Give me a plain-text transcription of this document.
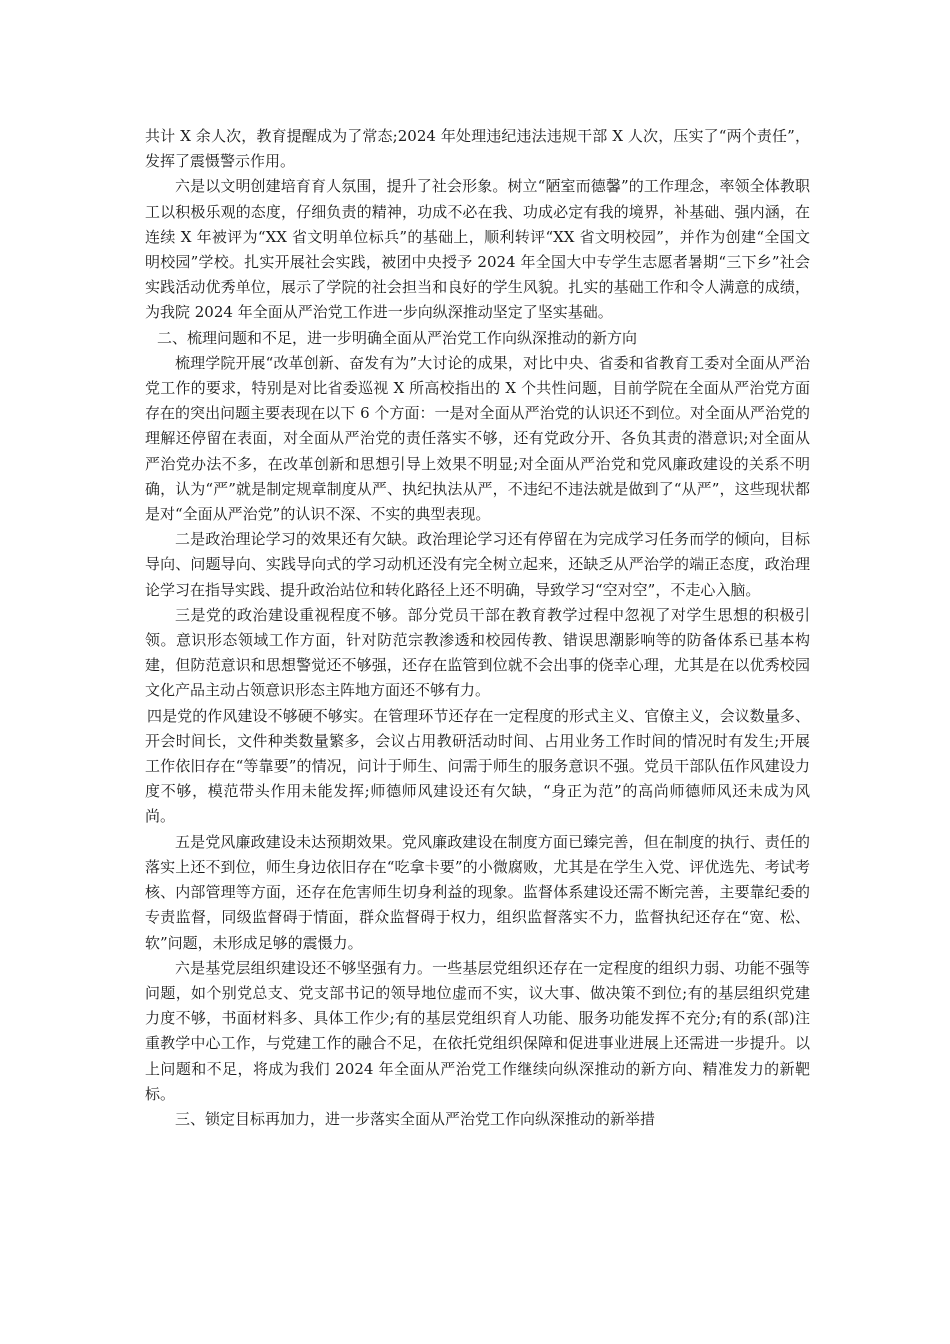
共计 X 余人次，教育提醒成为了常态;2024 年处理违纪违法违规干部 X 人次，压实了“两个责任”，发挥了震慑警示作用。

六是以文明创建培育育人氛围，提升了社会形象。树立“陋室而德馨”的工作理念，率领全体教职工以积极乐观的态度，仔细负责的精神，功成不必在我、功成必定有我的境界，补基础、强内涵，在连续 X 年被评为“XX 省文明单位标兵”的基础上，顺利转评“XX 省文明校园”，并作为创建“全国文明校园”学校。扎实开展社会实践，被团中央授予 2024 年全国大中专学生志愿者暑期“三下乡”社会实践活动优秀单位，展示了学院的社会担当和良好的学生风貌。扎实的基础工作和令人满意的成绩，为我院 2024 年全面从严治党工作进一步向纵深推动坚定了坚实基础。

二、梳理问题和不足，进一步明确全面从严治党工作向纵深推动的新方向

梳理学院开展“改革创新、奋发有为”大讨论的成果，对比中央、省委和省教育工委对全面从严治党工作的要求，特别是对比省委巡视 X 所高校指出的 X 个共性问题，目前学院在全面从严治党方面存在的突出问题主要表现在以下 6 个方面：一是对全面从严治党的认识还不到位。对全面从严治党的理解还停留在表面，对全面从严治党的责任落实不够，还有党政分开、各负其责的潜意识;对全面从严治党办法不多，在改革创新和思想引导上效果不明显;对全面从严治党和党风廉政建设的关系不明确，认为“严”就是制定规章制度从严、执纪执法从严，不违纪不违法就是做到了“从严”，这些现状都是对“全面从严治党”的认识不深、不实的典型表现。

二是政治理论学习的效果还有欠缺。政治理论学习还有停留在为完成学习任务而学的倾向，目标导向、问题导向、实践导向式的学习动机还没有完全树立起来，还缺乏从严治学的端正态度，政治理论学习在指导实践、提升政治站位和转化路径上还不明确，导致学习“空对空”，不走心入脑。

三是党的政治建设重视程度不够。部分党员干部在教育教学过程中忽视了对学生思想的积极引领。意识形态领域工作方面，针对防范宗教渗透和校园传教、错误思潮影响等的防备体系已基本构建，但防范意识和思想警觉还不够强，还存在监管到位就不会出事的侥幸心理，尤其是在以优秀校园文化产品主动占领意识形态主阵地方面还不够有力。

四是党的作风建设不够硬不够实。在管理环节还存在一定程度的形式主义、官僚主义，会议数量多、开会时间长，文件种类数量繁多，会议占用教研活动时间、占用业务工作时间的情况时有发生;开展工作依旧存在“等靠要”的情况，问计于师生、问需于师生的服务意识不强。党员干部队伍作风建设力度不够，模范带头作用未能发挥;师德师风建设还有欠缺，“身正为范”的高尚师德师风还未成为风尚。

五是党风廉政建设未达预期效果。党风廉政建设在制度方面已臻完善，但在制度的执行、责任的落实上还不到位，师生身边依旧存在“吃拿卡要”的小微腐败，尤其是在学生入党、评优选先、考试考核、内部管理等方面，还存在危害师生切身利益的现象。监督体系建设还需不断完善，主要靠纪委的专责监督，同级监督碍于情面，群众监督碍于权力，组织监督落实不力，监督执纪还存在“宽、松、软”问题，未形成足够的震慑力。

六是基党层组织建设还不够坚强有力。一些基层党组织还存在一定程度的组织力弱、功能不强等问题，如个别党总支、党支部书记的领导地位虚而不实，议大事、做决策不到位;有的基层组织党建力度不够，书面材料多、具体工作少;有的基层党组织育人功能、服务功能发挥不充分;有的系(部)注重教学中心工作，与党建工作的融合不足，在依托党组织保障和促进事业进展上还需进一步提升。以上问题和不足，将成为我们 2024 年全面从严治党工作继续向纵深推动的新方向、精准发力的新靶标。

三、锁定目标再加力，进一步落实全面从严治党工作向纵深推动的新举措
